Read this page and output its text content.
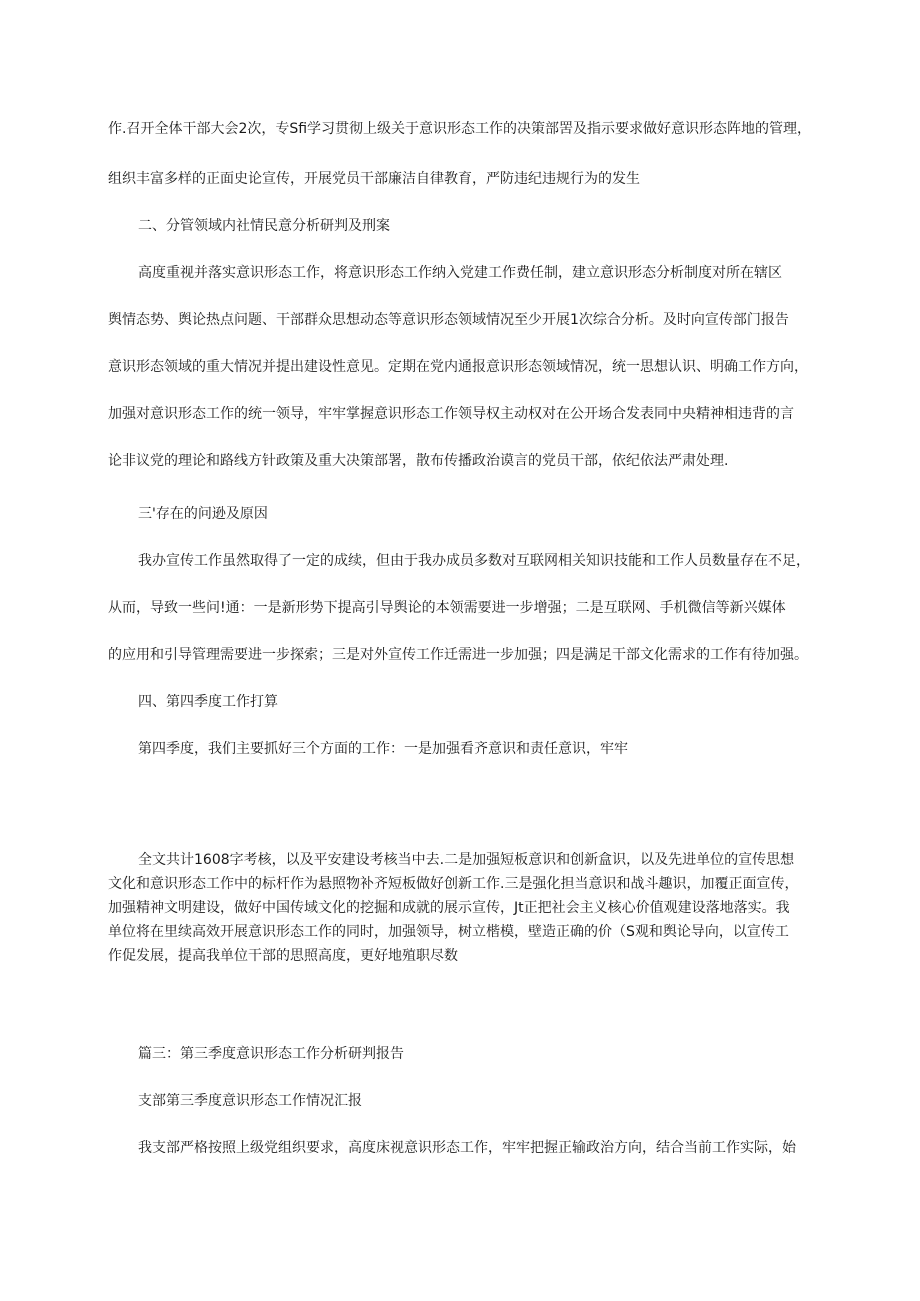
作.召开全体干部大会2次，专Sfi学习贯彻上级关于意识形态工作的决策部罟及指示要求做好意识形态阵地的管理，
组织丰富多样的正面史论宣传，开展党员干部廉洁自律教育，严防违纪违规行为的发生
二、分管领域内社情民意分析研判及刑案
高度重视并落实意识形态工作，将意识形态工作纳入党建工作费任制，建立意识形态分析制度对所在辖区
舆情态势、舆论热点问题、干部群众思想动态等意识形态领域情况至少开展1次综合分析。及时向宣传部门报告
意识形态领域的重大情况并提出建设性意见。定期在党内通报意识形态领域情况，统一思想认识、明确工作方向，
加强对意识形态工作的统一领导，牢牢掌握意识形态工作领导权主动权对在公开场合发表同中央精神相违背的言
论非议党的理论和路线方针政策及重大决策部署，散布传播政治谟言的党员干部，依纪依法严肃处理.
三'存在的问逊及原因
我办宣传工作虽然取得了一定的成续，但由于我办成员多数对互联网相关知识技能和工作人员数量存在不足，
从而，导致一些问!通：一是新形势下提高引导舆论的本领需要进一步增强；二是互联网、手机微信等新兴媒体
的应用和引导管理需要进一步探索；三是对外宣传工作迁需进一步加强；四是满足干部文化需求的工作有待加强。
四、第四季度工作打算
第四季度，我们主要抓好三个方面的工作：一是加强看齐意识和责任意识，牢牢
全文共计1608字考核，以及平安建设考核当中去.二是加强短板意识和创新盒识，以及先进单位的宣传思想
文化和意识形态工作中的标杆作为悬照物补齐短板做好创新工作.三是强化担当意识和战斗趣识，加覆正面宣传，
加强精神文明建设，做好中国传域文化的挖掘和成就的展示宣传，Jt正把社会主义核心价值观建设落地落实。我
单位将在里续高效开展意识形态工作的同时，加强领导，树立楷模，壁造正确的价（S观和舆论导向，以宣传工
作促发展，提高我单位干部的思照高度，更好地殖职尽数
篇三：第三季度意识形态工作分析研判报告
支部第三季度意识形态工作情况汇报
我支部严格按照上级党组织要求，高度床视意识形态工作，牢牢把握正输政治方向，结合当前工作实际，始
